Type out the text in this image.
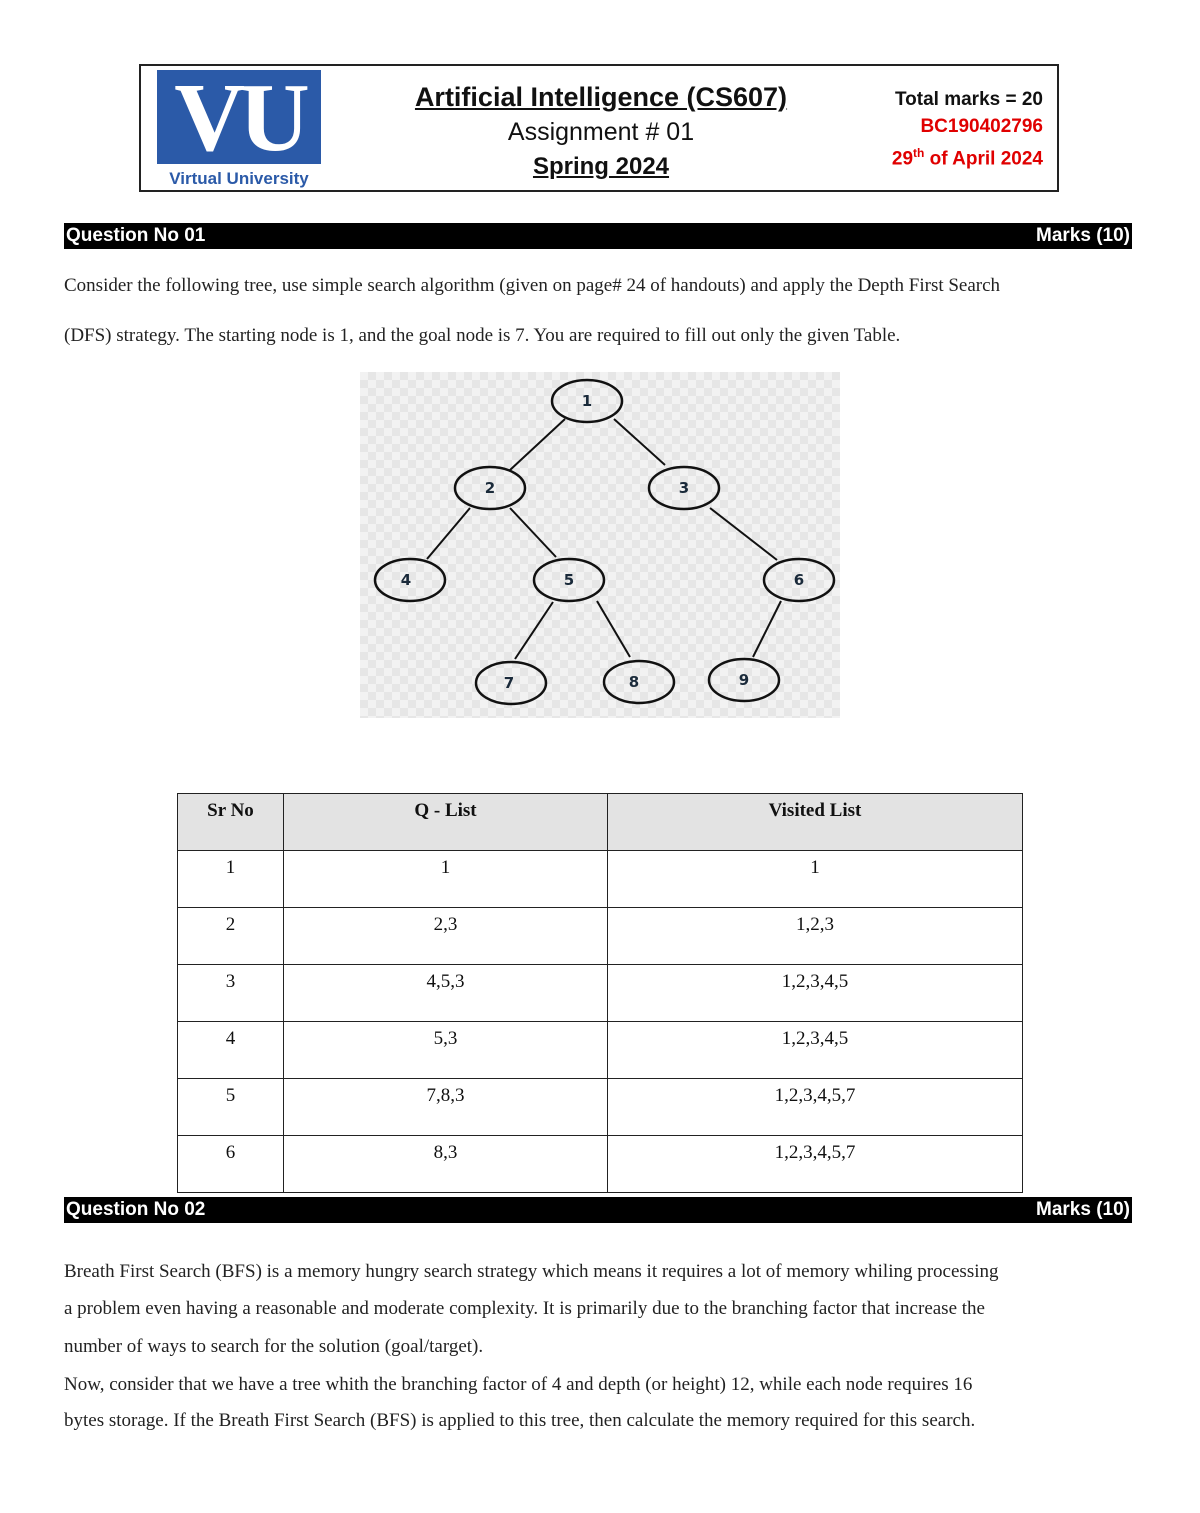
VU
Virtual University
Artificial Intelligence (CS607)
Assignment # 01
Spring 2024
Total marks = 20
BC190402796
29th of April 2024
Question No 01	Marks (10)
Consider the following tree, use simple search algorithm (given on page# 24 of handouts) and apply the Depth First Search
(DFS) strategy. The starting node is 1, and the goal node is 7. You are required to fill out only the given Table.
1
2	3
4	5	6
7	8	9
Sr No	Q - List	Visited List
1	1	1
2	2,3	1,2,3
3	4,5,3	1,2,3,4,5
4	5,3	1,2,3,4,5
5	7,8,3	1,2,3,4,5,7
6	8,3	1,2,3,4,5,7
Question No 02	Marks (10)
Breath First Search (BFS) is a memory hungry search strategy which means it requires a lot of memory whiling processing
a problem even having a reasonable and moderate complexity. It is primarily due to the branching factor that increase the
number of ways to search for the solution (goal/target).
Now, consider that we have a tree whith the branching factor of 4 and depth (or height) 12, while each node requires 16
bytes storage. If the Breath First Search (BFS) is applied to this tree, then calculate the memory required for this search.
